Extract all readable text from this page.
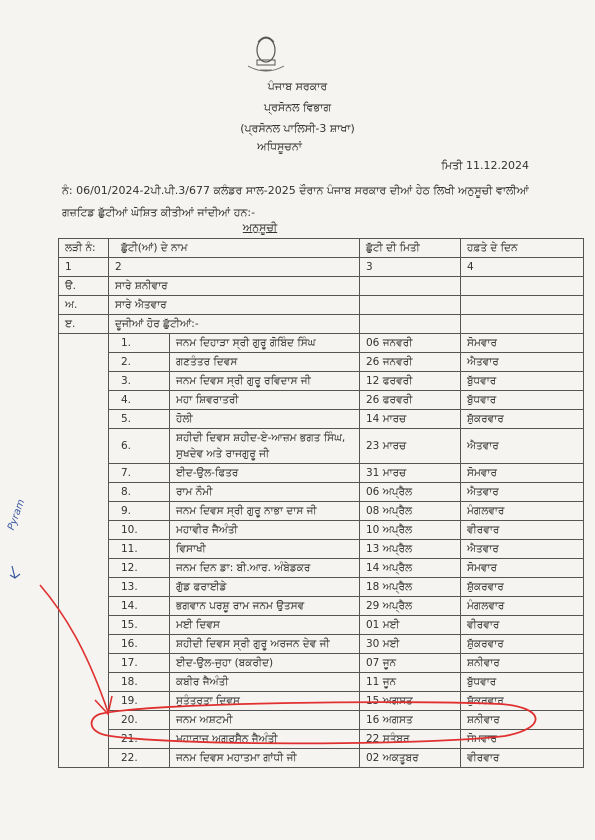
ਪੰਜਾਬ ਸਰਕਾਰ
ਪ੍ਰਸੋਨਲ ਵਿਭਾਗ
(ਪ੍ਰਸੋਨਲ ਪਾਲਿਸੀ-3 ਸ਼ਾਖਾ)
ਅਧਿਸੂਚਨਾਂ
ਮਿਤੀ 11.12.2024
ਨੰ: 06/01/2024-2ਪੀ.ਪੀ.3/677 ਕਲੰਡਰ ਸਾਲ-2025 ਦੌਰਾਨ ਪੰਜਾਬ ਸਰਕਾਰ ਦੀਆਂ ਹੇਠ ਲਿਖੀ ਅਨੁਸੂਚੀ ਵਾਲੀਆਂ
ਗਜ਼ਟਿਡ ਛੁੱਟੀਆਂ ਘੋਸ਼ਿਤ ਕੀਤੀਆਂ ਜਾਂਦੀਆਂ ਹਨ:-
ਅਨੁਸੂਚੀ
ਲੜੀ ਨੰ:	ਛੁੱਟੀ(ਆਂ) ਦੇ ਨਾਮ		ਛੁੱਟੀ ਦੀ ਮਿਤੀ	ਹਫ਼ਤੇ ਦੇ ਦਿਨ
1	2		3	4
ੳ.	ਸਾਰੇ ਸ਼ਨੀਵਾਰ			
ਅ.	ਸਾਰੇ ਐਤਵਾਰ			
ੲ.	ਦੂਜੀਆਂ ਹੋਰ ਛੁੱਟੀਆਂ:-			
	1.	ਜਨਮ ਦਿਹਾੜਾ ਸ੍ਰੀ ਗੁਰੂ ਗੋਬਿੰਦ ਸਿੰਘ	06 ਜਨਵਰੀ	ਸੋਮਵਾਰ
	2.	ਗਣਤੰਤਰ ਦਿਵਸ	26 ਜਨਵਰੀ	ਐਤਵਾਰ
	3.	ਜਨਮ ਦਿਵਸ ਸ੍ਰੀ ਗੁਰੂ ਰਵਿਦਾਸ ਜੀ	12 ਫਰਵਰੀ	ਬੁੱਧਵਾਰ
	4.	ਮਹਾ ਸ਼ਿਵਰਾਤਰੀ	26 ਫਰਵਰੀ	ਬੁੱਧਵਾਰ
	5.	ਹੋਲੀ	14 ਮਾਰਚ	ਸ਼ੁੱਕਰਵਾਰ
	6.	ਸ਼ਹੀਦੀ ਦਿਵਸ ਸ਼ਹੀਦ-ਏ-ਆਜ਼ਮ ਭਗਤ ਸਿੰਘ, ਸੁਖਦੇਵ ਅਤੇ ਰਾਜਗੁਰੂ ਜੀ	23 ਮਾਰਚ	ਐਤਵਾਰ
	7.	ਈਦ-ਉਲ-ਫਿਤਰ	31 ਮਾਰਚ	ਸੋਮਵਾਰ
	8.	ਰਾਮ ਨੌਮੀ	06 ਅਪ੍ਰੈਲ	ਐਤਵਾਰ
	9.	ਜਨਮ ਦਿਵਸ ਸ੍ਰੀ ਗੁਰੂ ਨਾਭਾ ਦਾਸ ਜੀ	08 ਅਪ੍ਰੈਲ	ਮੰਗਲਵਾਰ
	10.	ਮਹਾਵੀਰ ਜੈਅੰਤੀ	10 ਅਪ੍ਰੈਲ	ਵੀਰਵਾਰ
	11.	ਵਿਸਾਖੀ	13 ਅਪ੍ਰੈਲ	ਐਤਵਾਰ
	12.	ਜਨਮ ਦਿਨ ਡਾ: ਬੀ.ਆਰ. ਅੰਬੇਡਕਰ	14 ਅਪ੍ਰੈਲ	ਸੋਮਵਾਰ
	13.	ਗੁੱਡ ਫਰਾਈਡੇ	18 ਅਪ੍ਰੈਲ	ਸ਼ੁੱਕਰਵਾਰ
	14.	ਭਗਵਾਨ ਪਰਸ਼ੂ ਰਾਮ ਜਨਮ ਉਤਸਵ	29 ਅਪ੍ਰੈਲ	ਮੰਗਲਵਾਰ
	15.	ਮਈ ਦਿਵਸ	01 ਮਈ	ਵੀਰਵਾਰ
	16.	ਸ਼ਹੀਦੀ ਦਿਵਸ ਸ੍ਰੀ ਗੁਰੂ ਅਰਜਨ ਦੇਵ ਜੀ	30 ਮਈ	ਸ਼ੁੱਕਰਵਾਰ
	17.	ਈਦ-ਉਲ-ਜੁਹਾ (ਬਕਰੀਦ)	07 ਜੂਨ	ਸ਼ਨੀਵਾਰ
	18.	ਕਬੀਰ ਜੈਅੰਤੀ	11 ਜੂਨ	ਬੁੱਧਵਾਰ
	19.	ਸੁਤੰਤਰਤਾ ਦਿਵਸ	15 ਅਗਸਤ	ਸ਼ੁੱਕਰਵਾਰ
	20.	ਜਨਮ ਅਸ਼ਟਮੀ	16 ਅਗਸਤ	ਸ਼ਨੀਵਾਰ
	21.	ਮਹਾਰਾਜ ਅਗਰਸੈਨ ਜੈਅੰਤੀ	22 ਸਤੰਬਰ	ਸੋਮਵਾਰ
	22.	ਜਨਮ ਦਿਵਸ ਮਹਾਤਮਾ ਗਾਂਧੀ ਜੀ	02 ਅਕਤੂਬਰ	ਵੀਰਵਾਰ
Pyram
